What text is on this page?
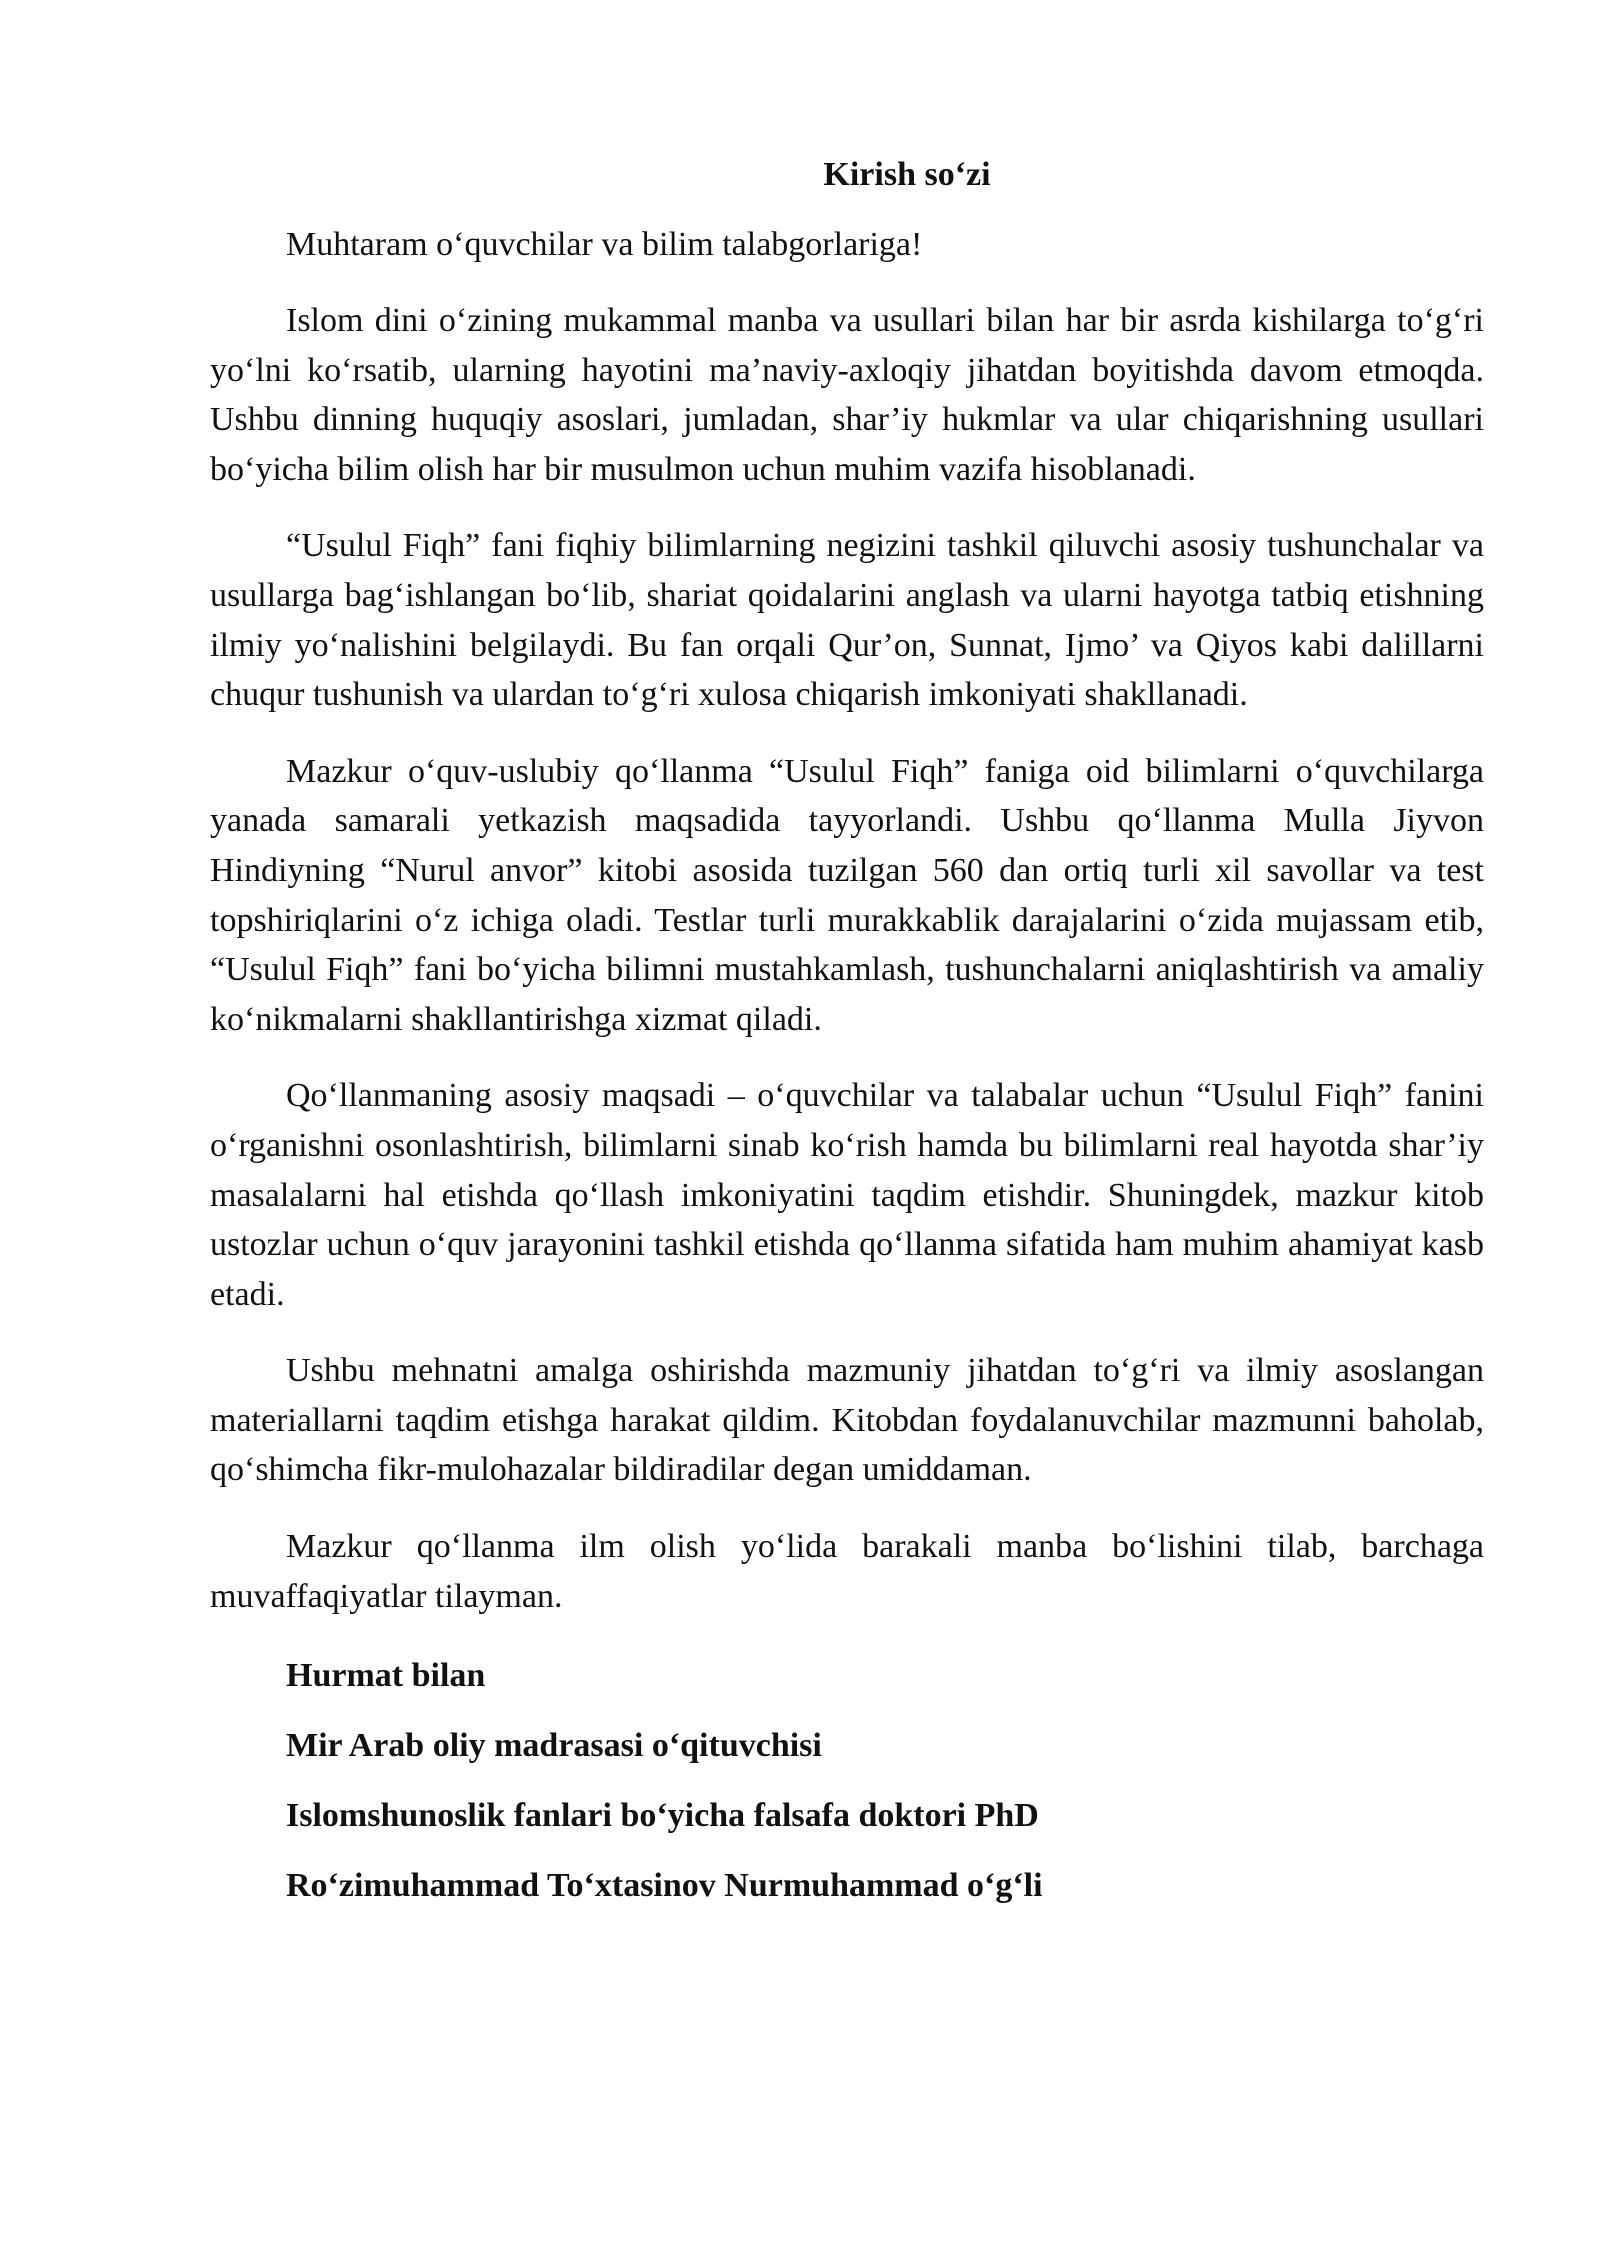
Kirish so‘zi
Muhtaram o‘quvchilar va bilim talabgorlariga!

Islom dini o‘zining mukammal manba va usullari bilan har bir asrda kishilarga to‘g‘ri yo‘lni ko‘rsatib, ularning hayotini ma’naviy-axloqiy jihatdan boyitishda davom etmoqda. Ushbu dinning huquqiy asoslari, jumladan, shar’iy hukmlar va ular chiqarishning usullari bo‘yicha bilim olish har bir musulmon uchun muhim vazifa hisoblanadi.

“Usulul Fiqh” fani fiqhiy bilimlarning negizini tashkil qiluvchi asosiy tushunchalar va usullarga bag‘ishlangan bo‘lib, shariat qoidalarini anglash va ularni hayotga tatbiq etishning ilmiy yo‘nalishini belgilaydi. Bu fan orqali Qur’on, Sunnat, Ijmo’ va Qiyos kabi dalillarni chuqur tushunish va ulardan to‘g‘ri xulosa chiqarish imkoniyati shakllanadi.

Mazkur o‘quv-uslubiy qo‘llanma “Usulul Fiqh” faniga oid bilimlarni o‘quvchilarga yanada samarali yetkazish maqsadida tayyorlandi. Ushbu qo‘llanma Mulla Jiyvon Hindiyning “Nurul anvor” kitobi asosida tuzilgan 560 dan ortiq turli xil savollar va test topshiriqlarini o‘z ichiga oladi. Testlar turli murakkablik darajalarini o‘zida mujassam etib, “Usulul Fiqh” fani bo‘yicha bilimni mustahkamlash, tushunchalarni aniqlashtirish va amaliy ko‘nikmalarni shakllantirishga xizmat qiladi.

Qo‘llanmaning asosiy maqsadi – o‘quvchilar va talabalar uchun “Usulul Fiqh” fanini o‘rganishni osonlashtirish, bilimlarni sinab ko‘rish hamda bu bilimlarni real hayotda shar’iy masalalarni hal etishda qo‘llash imkoniyatini taqdim etishdir. Shuningdek, mazkur kitob ustozlar uchun o‘quv jarayonini tashkil etishda qo‘llanma sifatida ham muhim ahamiyat kasb etadi.

Ushbu mehnatni amalga oshirishda mazmuniy jihatdan to‘g‘ri va ilmiy asoslangan materiallarni taqdim etishga harakat qildim. Kitobdan foydalanuvchilar mazmunni baholab, qo‘shimcha fikr-mulohazalar bildiradilar degan umiddaman.

Mazkur qo‘llanma ilm olish yo‘lida barakali manba bo‘lishini tilab, barchaga muvaffaqiyatlar tilayman.

Hurmat bilan
Mir Arab oliy madrasasi o‘qituvchisi
Islomshunoslik fanlari bo‘yicha falsafa doktori PhD
Ro‘zimuhammad To‘xtasinov Nurmuhammad o‘g‘li
